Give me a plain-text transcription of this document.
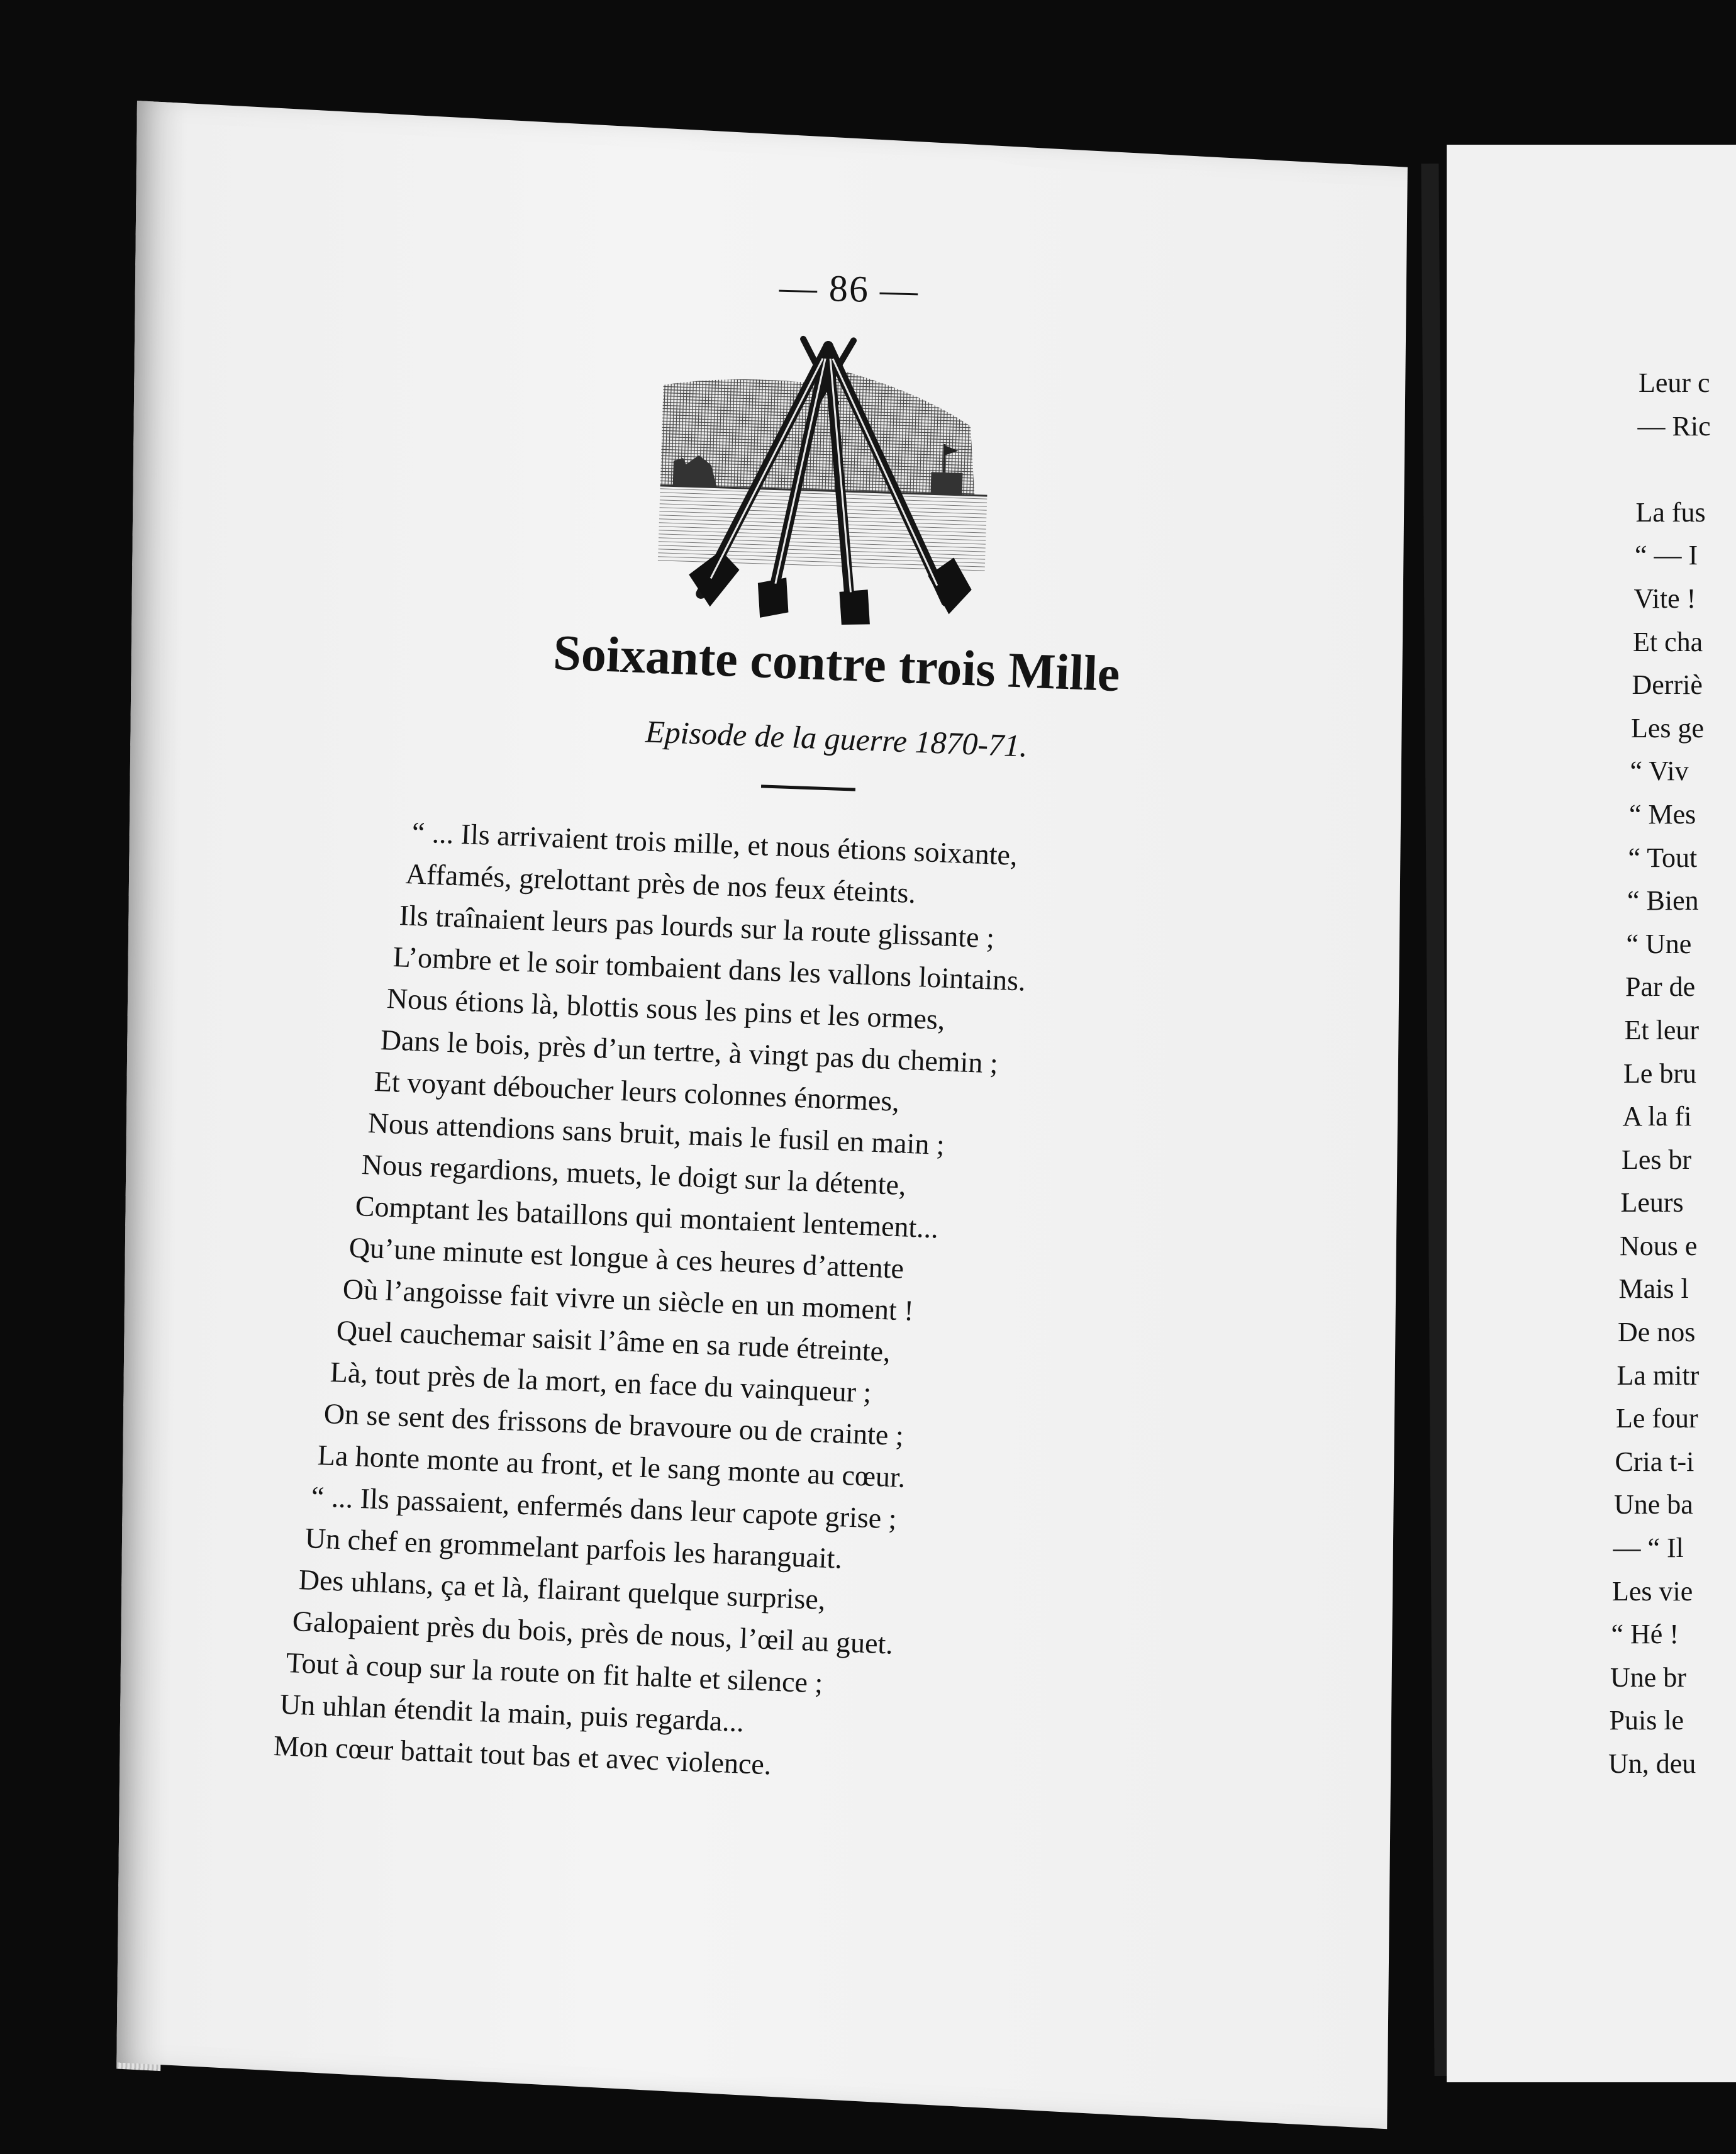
— 86 —
Soixante contre trois Mille
Episode de la guerre 1870-71.
“ ... Ils arrivaient trois mille, et nous étions soixante,
Affamés, grelottant près de nos feux éteints.
Ils traînaient leurs pas lourds sur la route glissante ;
L’ombre et le soir tombaient dans les vallons lointains.
Nous étions là, blottis sous les pins et les ormes,
Dans le bois, près d’un tertre, à vingt pas du chemin ;
Et voyant déboucher leurs colonnes énormes,
Nous attendions sans bruit, mais le fusil en main ;
Nous regardions, muets, le doigt sur la détente,
Comptant les bataillons qui montaient lentement...
Qu’une minute est longue à ces heures d’attente
Où l’angoisse fait vivre un siècle en un moment !
Quel cauchemar saisit l’âme en sa rude étreinte,
Là, tout près de la mort, en face du vainqueur ;
On se sent des frissons de bravoure ou de crainte ;
La honte monte au front, et le sang monte au cœur.
“ ... Ils passaient, enfermés dans leur capote grise ;
Un chef en grommelant parfois les haranguait.
Des uhlans, ça et là, flairant quelque surprise,
Galopaient près du bois, près de nous, l’œil au guet.
Tout à coup sur la route on fit halte et silence ;
Un uhlan étendit la main, puis regarda...
Mon cœur battait tout bas et avec violence.
Leur c
— Ric

La fus
“ — I
Vite !
Et cha
Derriè
Les ge
“ Viv
“ Mes
“ Tout
“ Bien
“ Une
Par de
Et leur
Le bru
A la fi
Les br
Leurs
Nous e
Mais l
De nos
La mitr
Le four
Cria t-i
Une ba
— “ Il
Les vie
“ Hé !
Une br
Puis le
Un, deu
